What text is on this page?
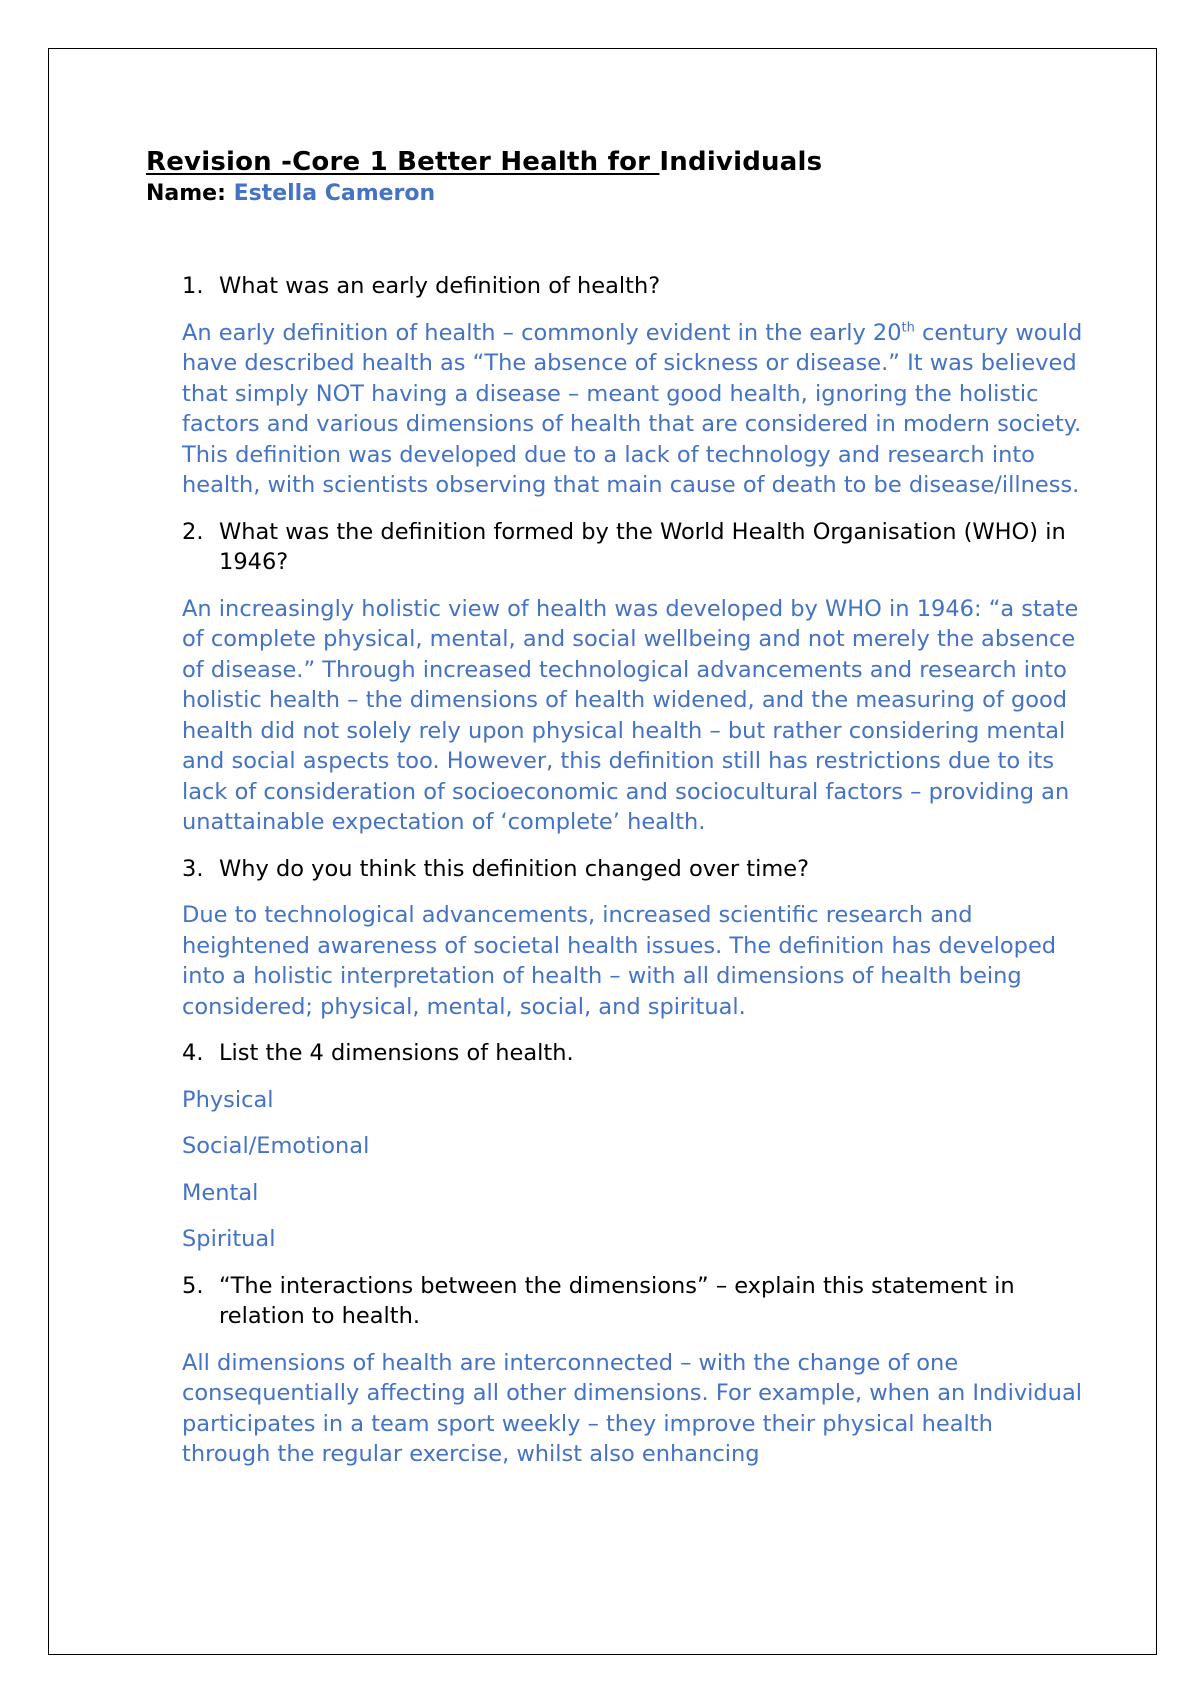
Revision -Core 1 Better Health for Individuals

Name: Estella Cameron

1. What was an early definition of health?

An early definition of health – commonly evident in the early 20th century would have described health as “The absence of sickness or disease.” It was believed that simply NOT having a disease – meant good health, ignoring the holistic factors and various dimensions of health that are considered in modern society. This definition was developed due to a lack of technology and research into health, with scientists observing that main cause of death to be disease/illness.

2. What was the definition formed by the World Health Organisation (WHO) in 1946?

An increasingly holistic view of health was developed by WHO in 1946: “a state of complete physical, mental, and social wellbeing and not merely the absence of disease.” Through increased technological advancements and research into holistic health – the dimensions of health widened, and the measuring of good health did not solely rely upon physical health – but rather considering mental and social aspects too. However, this definition still has restrictions due to its lack of consideration of socioeconomic and sociocultural factors – providing an unattainable expectation of ‘complete’ health.

3. Why do you think this definition changed over time?

Due to technological advancements, increased scientific research and heightened awareness of societal health issues. The definition has developed into a holistic interpretation of health – with all dimensions of health being considered; physical, mental, social, and spiritual.

4. List the 4 dimensions of health.

Physical

Social/Emotional

Mental

Spiritual

5. “The interactions between the dimensions” – explain this statement in relation to health.

All dimensions of health are interconnected – with the change of one consequentially affecting all other dimensions. For example, when an Individual participates in a team sport weekly – they improve their physical health through the regular exercise, whilst also enhancing
